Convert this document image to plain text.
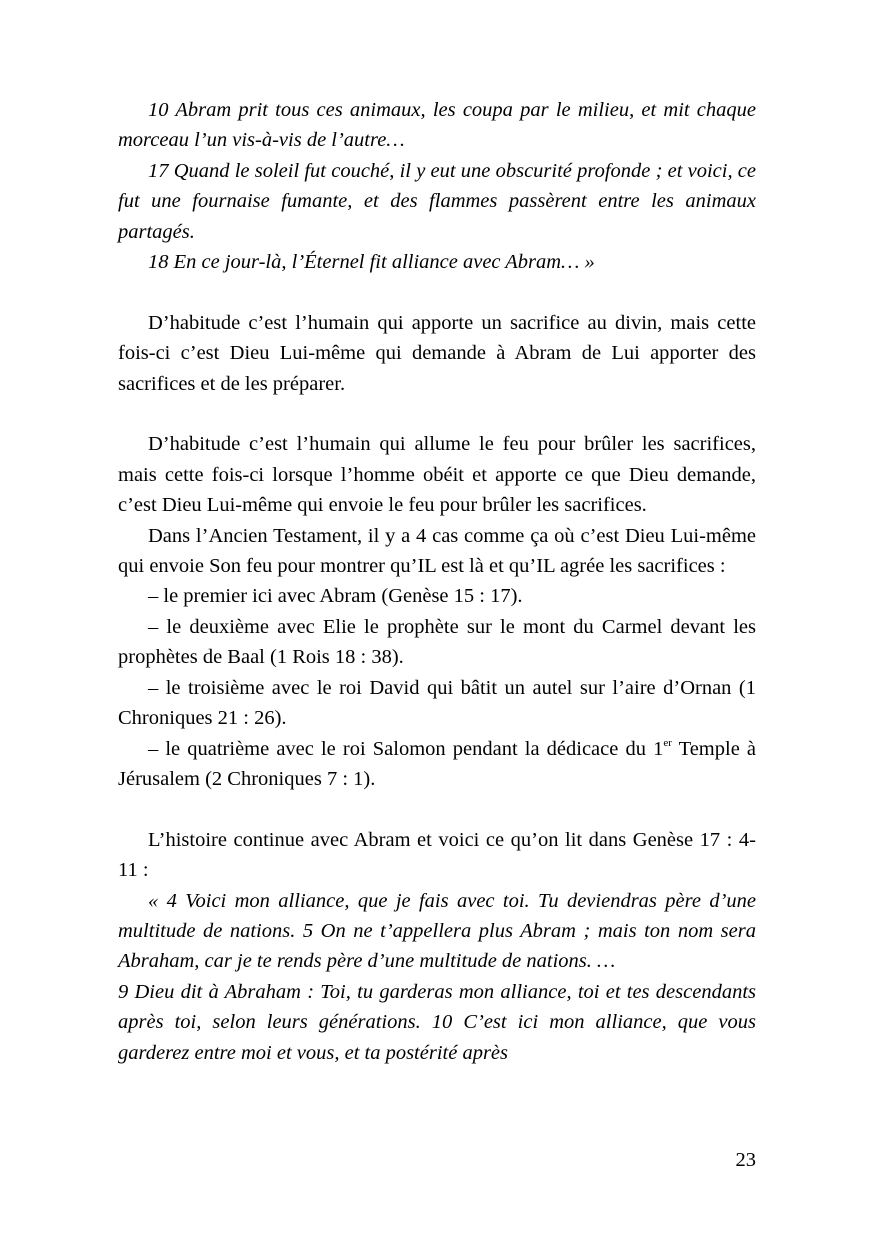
10 Abram prit tous ces animaux, les coupa par le milieu, et mit chaque morceau l’un vis-à-vis de l’autre…

17 Quand le soleil fut couché, il y eut une obscurité profonde ; et voici, ce fut une fournaise fumante, et des flammes passèrent entre les animaux partagés.

18 En ce jour-là, l’Éternel fit alliance avec Abram… »

D’habitude c’est l’humain qui apporte un sacrifice au divin, mais cette fois-ci c’est Dieu Lui-même qui demande à Abram de Lui apporter des sacrifices et de les préparer.

D’habitude c’est l’humain qui allume le feu pour brûler les sacrifices, mais cette fois-ci lorsque l’homme obéit et apporte ce que Dieu demande, c’est Dieu Lui-même qui envoie le feu pour brûler les sacrifices.

Dans l’Ancien Testament, il y a 4 cas comme ça où c’est Dieu Lui-même qui envoie Son feu pour montrer qu’IL est là et qu’IL agrée les sacrifices :

– le premier ici avec Abram (Genèse 15 : 17).

– le deuxième avec Elie le prophète sur le mont du Carmel devant les prophètes de Baal (1 Rois 18 : 38).

– le troisième avec le roi David qui bâtit un autel sur l’aire d’Ornan (1 Chroniques 21 : 26).

– le quatrième avec le roi Salomon pendant la dédicace du 1er Temple à Jérusalem (2 Chroniques 7 : 1).

L’histoire continue avec Abram et voici ce qu’on lit dans Genèse 17 : 4-11 :

« 4 Voici mon alliance, que je fais avec toi. Tu deviendras père d’une multitude de nations. 5 On ne t’appellera plus Abram ; mais ton nom sera Abraham, car je te rends père d’une multitude de nations. …

9 Dieu dit à Abraham : Toi, tu garderas mon alliance, toi et tes descendants après toi, selon leurs générations. 10 C’est ici mon alliance, que vous garderez entre moi et vous, et ta postérité après

23
